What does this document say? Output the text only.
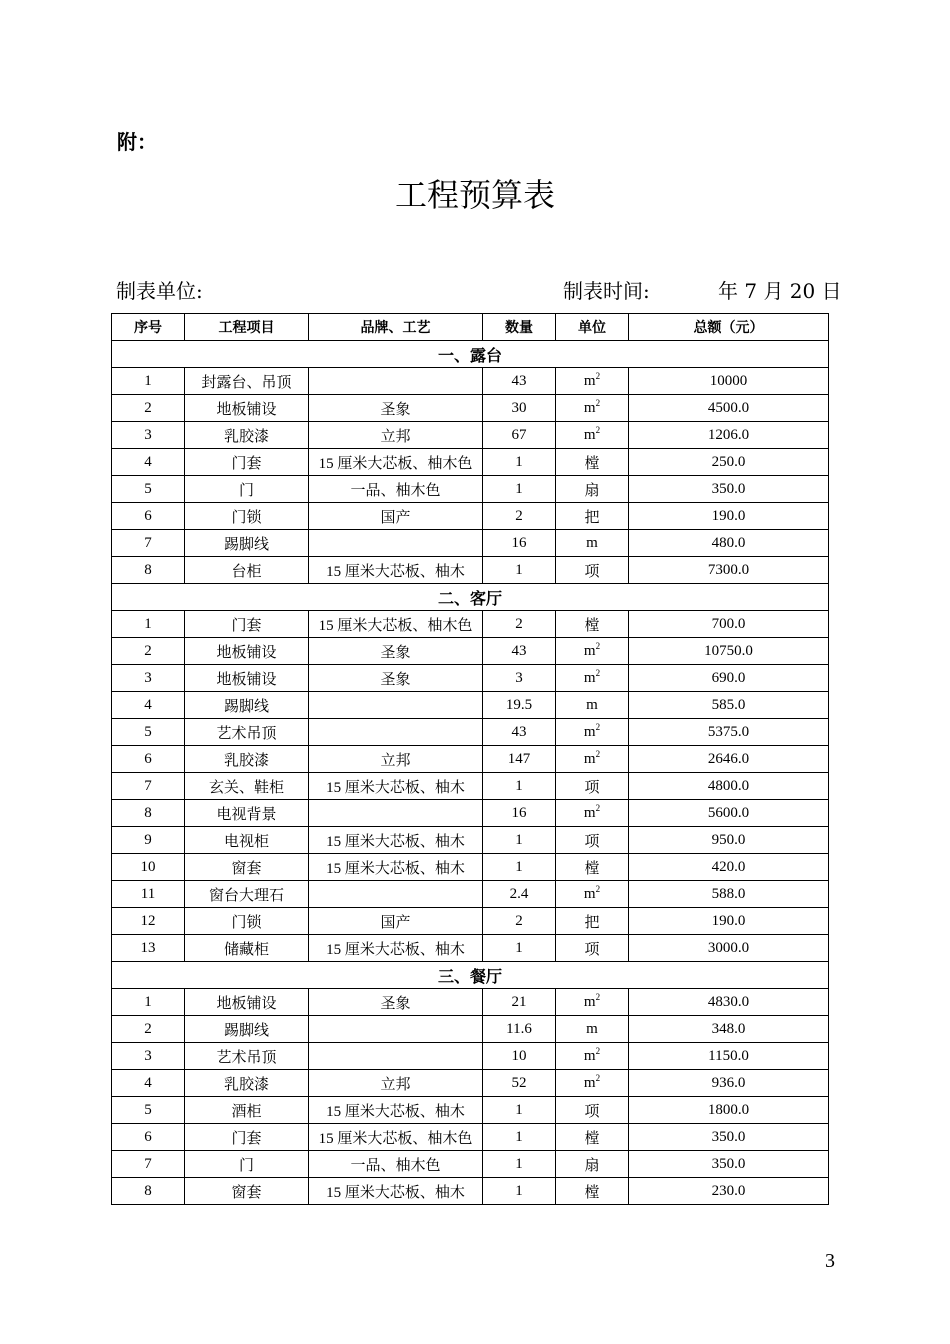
附：
工程预算表
制表单位:	制表时间:	年 7 月 20 日
序号	工程项目	品牌、工艺	数量	单位	总额（元）
一、露台					
1	封露台、吊顶		43	$m^2$	10000
2	地板铺设	圣象	30	$m^2$	4500.0
3	乳胶漆	立邦	67	$m^2$	1206.0
4	门套	15 厘米大芯板、柚木色	1	樘	250.0
5	门	一品、柚木色	1	扇	350.0
6	门锁	国产	2	把	190.0
7	踢脚线		16	m	480.0
8	台柜	15 厘米大芯板、柚木	1	项	7300.0
二、客厅					
1	门套	15 厘米大芯板、柚木色	2	樘	700.0
2	地板铺设	圣象	43	$m^2$	10750.0
3	地板铺设	圣象	3	$m^2$	690.0
4	踢脚线		19.5	m	585.0
5	艺术吊顶		43	$m^2$	5375.0
6	乳胶漆	立邦	147	$m^2$	2646.0
7	玄关、鞋柜	15 厘米大芯板、柚木	1	项	4800.0
8	电视背景		16	$m^2$	5600.0
9	电视柜	15 厘米大芯板、柚木	1	项	950.0
10	窗套	15 厘米大芯板、柚木	1	樘	420.0
11	窗台大理石		2.4	$m^2$	588.0
12	门锁	国产	2	把	190.0
13	储藏柜	15 厘米大芯板、柚木	1	项	3000.0
三、餐厅					
1	地板铺设	圣象	21	$m^2$	4830.0
2	踢脚线		11.6	m	348.0
3	艺术吊顶		10	$m^2$	1150.0
4	乳胶漆	立邦	52	$m^2$	936.0
5	酒柜	15 厘米大芯板、柚木	1	项	1800.0
6	门套	15 厘米大芯板、柚木色	1	樘	350.0
7	门	一品、柚木色	1	扇	350.0
8	窗套	15 厘米大芯板、柚木	1	樘	230.0
3
